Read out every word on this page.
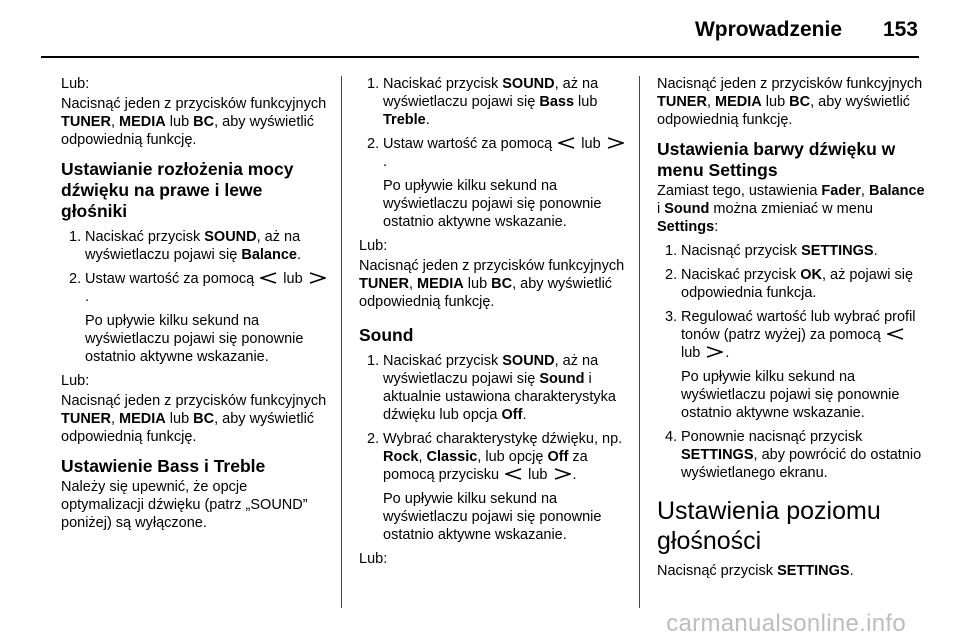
Wprowadzenie 153

Lub:

Nacisnąć jeden z przycisków funkcyjnych TUNER, MEDIA lub BC, aby wyświetlić odpowiednią funkcję.

Ustawianie rozłożenia mocy dźwięku na prawe i lewe głośniki
1. Naciskać przycisk SOUND, aż na wyświetlaczu pojawi się Balance.

2. Ustaw wartość za pomocą  lub .

Po upływie kilku sekund na wyświetlaczu pojawi się ponownie ostatnio aktywne wskazanie.

Lub:

Nacisnąć jeden z przycisków funkcyjnych TUNER, MEDIA lub BC, aby wyświetlić odpowiednią funkcję.

Ustawienie Bass i Treble

Należy się upewnić, że opcje optymalizacji dźwięku (patrz „SOUND” poniżej) są wyłączone.

1. Naciskać przycisk SOUND, aż na wyświetlaczu pojawi się Bass lub Treble.

2. Ustaw wartość za pomocą  lub .

Po upływie kilku sekund na wyświetlaczu pojawi się ponownie ostatnio aktywne wskazanie.

Lub:

Nacisnąć jeden z przycisków funkcyjnych TUNER, MEDIA lub BC, aby wyświetlić odpowiednią funkcję.

Sound
1. Naciskać przycisk SOUND, aż na wyświetlaczu pojawi się Sound i aktualnie ustawiona charakterystyka dźwięku lub opcja Off.

2. Wybrać charakterystykę dźwięku, np. Rock, Classic, lub opcję Off za pomocą przycisku  lub .

Po upływie kilku sekund na wyświetlaczu pojawi się ponownie ostatnio aktywne wskazanie.

Lub:

Nacisnąć jeden z przycisków funkcyjnych TUNER, MEDIA lub BC, aby wyświetlić odpowiednią funkcję.

Ustawienia barwy dźwięku w menu Settings

Zamiast tego, ustawienia Fader, Balance i Sound można zmieniać w menu Settings:

1. Nacisnąć przycisk SETTINGS.

2. Naciskać przycisk OK, aż pojawi się odpowiednia funkcja.

3. Regulować wartość lub wybrać profil tonów (patrz wyżej) za pomocą  lub .

Po upływie kilku sekund na wyświetlaczu pojawi się ponownie ostatnio aktywne wskazanie.

4. Ponownie nacisnąć przycisk SETTINGS, aby powrócić do ostatnio wyświetlanego ekranu.

Ustawienia poziomu głośności

Nacisnąć przycisk SETTINGS.

carmanualsonline.info
